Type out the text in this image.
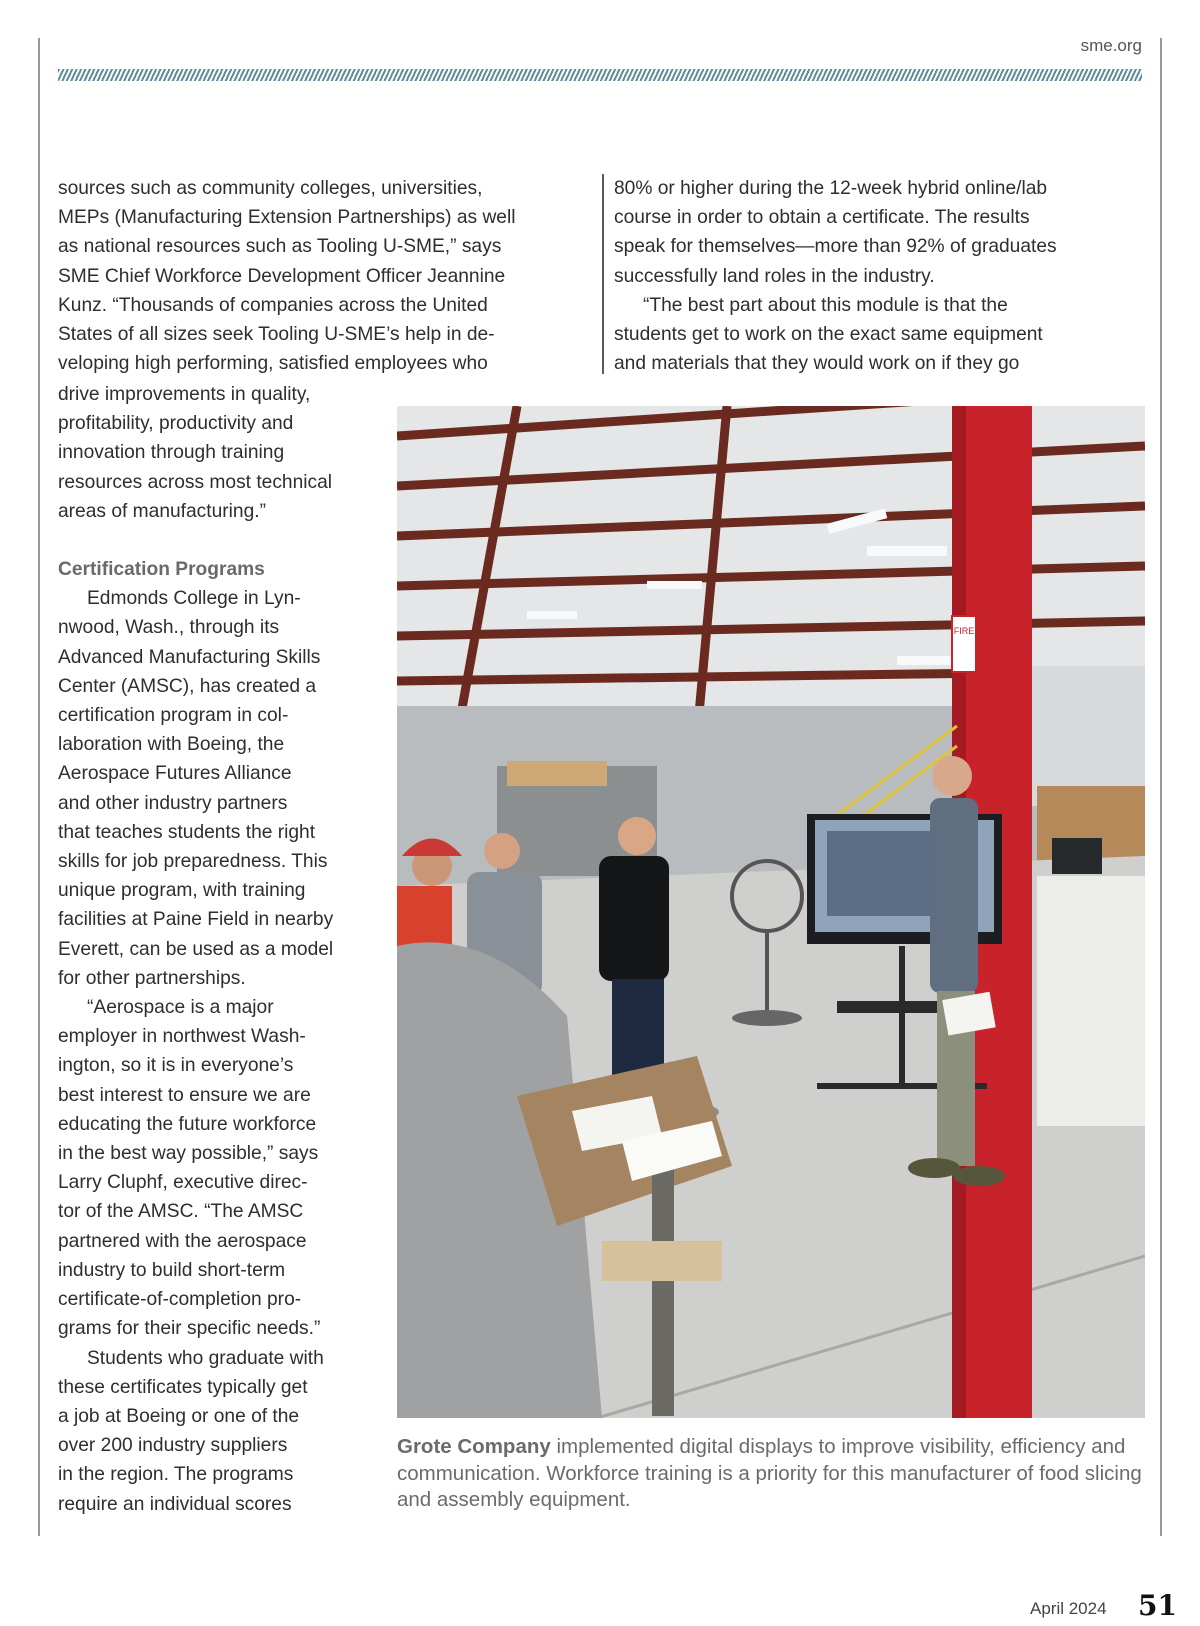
sme.org

sources such as community colleges, universities,

MEPs (Manufacturing Extension Partnerships) as well

as national resources such as Tooling U-SME,” says

SME Chief Workforce Development Officer Jeannine

Kunz. “Thousands of companies across the United

States of all sizes seek Tooling U-SME’s help in de-

veloping high performing, satisfied employees who

80% or higher during the 12-week hybrid online/lab

course in order to obtain a certificate. The results

speak for themselves—more than 92% of graduates

successfully land roles in the industry.

“The best part about this module is that the

students get to work on the exact same equipment

and materials that they would work on if they go

drive improvements in quality,

profitability, productivity and

innovation through training

resources across most technical

areas of manufacturing.”

Certification Programs

Edmonds College in Lyn-

nwood, Wash., through its

Advanced Manufacturing Skills

Center (AMSC), has created a

certification program in col-

laboration with Boeing, the

Aerospace Futures Alliance

and other industry partners

that teaches students the right

skills for job preparedness. This

unique program, with training

facilities at Paine Field in nearby

Everett, can be used as a model

for other partnerships.

“Aerospace is a major

employer in northwest Wash-

ington, so it is in everyone’s

best interest to ensure we are

educating the future workforce

in the best way possible,” says

Larry Cluphf, executive direc-

tor of the AMSC. “The AMSC

partnered with the aerospace

industry to build short-term

certificate-of-completion pro-

grams for their specific needs.”

Students who graduate with

these certificates typically get

a job at Boeing or one of the

over 200 industry suppliers

in the region. The programs

require an individual scores

FIRE
Grote Company implemented digital displays to improve visibility, efficiency and communication. Workforce training is a priority for this manufacturer of food slicing and assembly equipment.
April 2024 51
